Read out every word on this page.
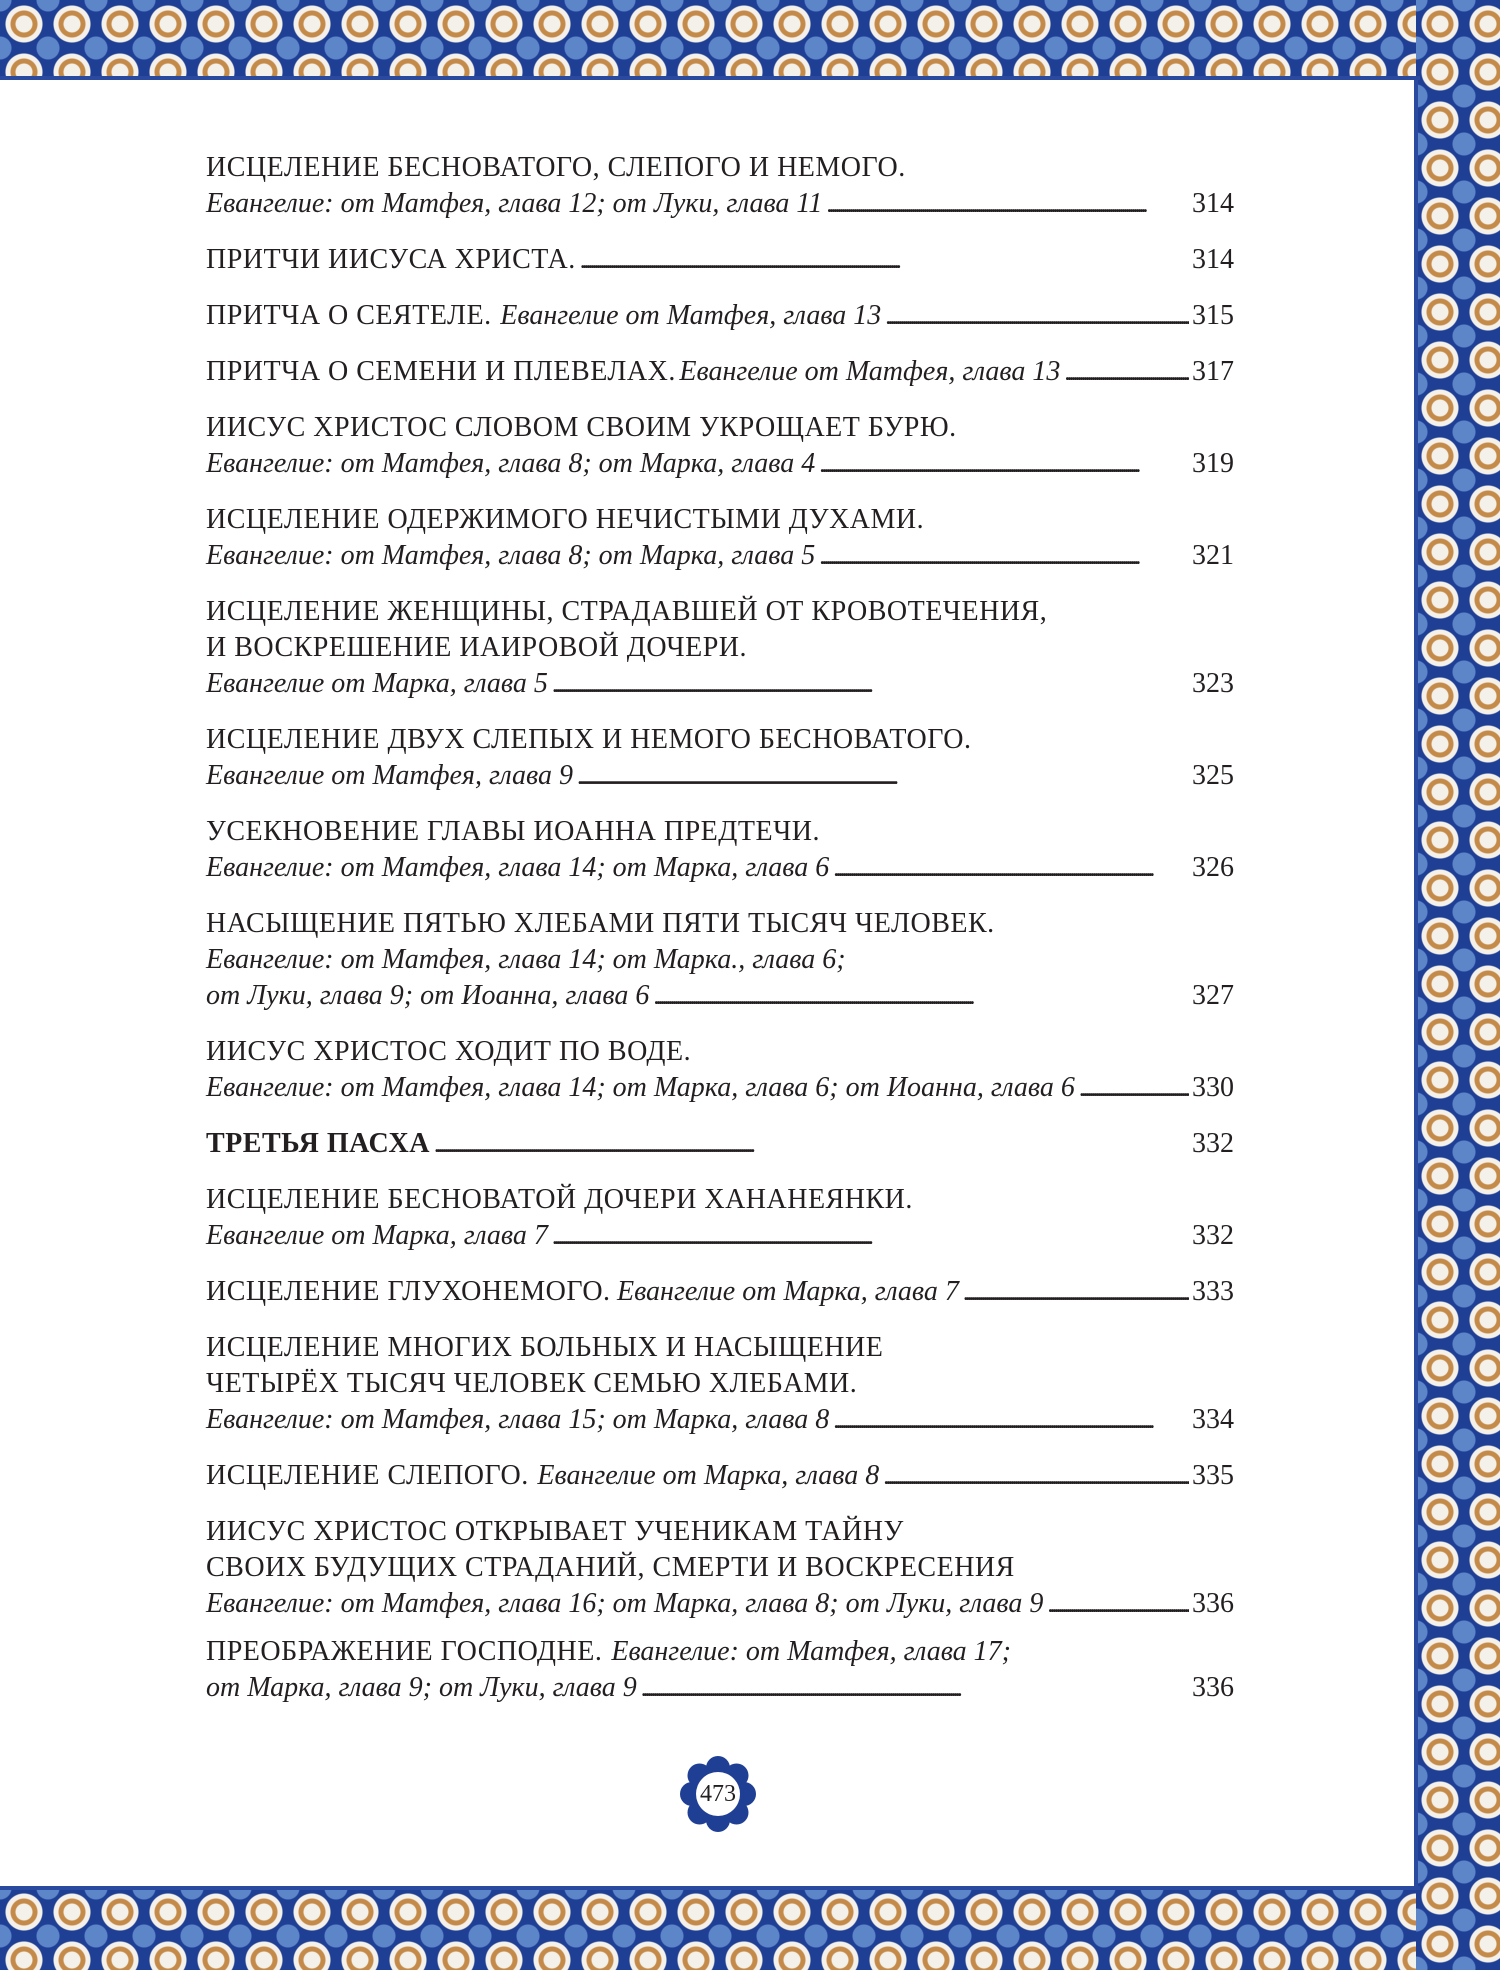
ИСЦЕЛЕНИЕ БЕСНОВАТОГО, СЛЕПОГО И НЕМОГО.
Евангелие: от Матфея, глава 12; от Луки, глава 11 . . .	314
ПРИТЧИ ИИСУСА ХРИСТА. . . .	314
ПРИТЧА О СЕЯТЕЛЕ. Евангелие от Матфея, глава 13 . . .	315
ПРИТЧА О СЕМЕНИ И ПЛЕВЕЛАХ. Евангелие от Матфея, глава 13 . . .	317
ИИСУС ХРИСТОС СЛОВОМ СВОИМ УКРОЩАЕТ БУРЮ.
Евангелие: от Матфея, глава 8; от Марка, глава 4 . . .	319
ИСЦЕЛЕНИЕ ОДЕРЖИМОГО НЕЧИСТЫМИ ДУХАМИ.
Евангелие: от Матфея, глава 8; от Марка, глава 5 . . .	321
ИСЦЕЛЕНИЕ ЖЕНЩИНЫ, СТРАДАВШЕЙ ОТ КРОВОТЕЧЕНИЯ,
И ВОСКРЕШЕНИЕ ИАИРОВОЙ ДОЧЕРИ.
Евангелие от Марка, глава 5 . . .	323
ИСЦЕЛЕНИЕ ДВУХ СЛЕПЫХ И НЕМОГО БЕСНОВАТОГО.
Евангелие от Матфея, глава 9 . . .	325
УСЕКНОВЕНИЕ ГЛАВЫ ИОАННА ПРЕДТЕЧИ.
Евангелие: от Матфея, глава 14; от Марка, глава 6 . . .	326
НАСЫЩЕНИЕ ПЯТЬЮ ХЛЕБАМИ ПЯТИ ТЫСЯЧ ЧЕЛОВЕК.
Евангелие: от Матфея, глава 14; от Марка., глава 6;
от Луки, глава 9; от Иоанна, глава 6 . . .	327
ИИСУС ХРИСТОС ХОДИТ ПО ВОДЕ.
Евангелие: от Матфея, глава 14; от Марка, глава 6; от Иоанна, глава 6 . . .	330
ТРЕТЬЯ ПАСХА . . .	332
ИСЦЕЛЕНИЕ БЕСНОВАТОЙ ДОЧЕРИ ХАНАНЕЯНКИ.
Евангелие от Марка, глава 7 . . .	332
ИСЦЕЛЕНИЕ ГЛУХОНЕМОГО. Евангелие от Марка, глава 7 . . .	333
ИСЦЕЛЕНИЕ МНОГИХ БОЛЬНЫХ И НАСЫЩЕНИЕ
ЧЕТЫРЁХ ТЫСЯЧ ЧЕЛОВЕК СЕМЬЮ ХЛЕБАМИ.
Евангелие: от Матфея, глава 15; от Марка, глава 8 . . .	334
ИСЦЕЛЕНИЕ СЛЕПОГО. Евангелие от Марка, глава 8 . . .	335
ИИСУС ХРИСТОС ОТКРЫВАЕТ УЧЕНИКАМ ТАЙНУ
СВОИХ БУДУЩИХ СТРАДАНИЙ, СМЕРТИ И ВОСКРЕСЕНИЯ
Евангелие: от Матфея, глава 16; от Марка, глава 8; от Луки, глава 9 . . .	336
ПРЕОБРАЖЕНИЕ ГОСПОДНЕ. Евангелие: от Матфея, глава 17;
от Марка, глава 9; от Луки, глава 9 . . .	336
473
